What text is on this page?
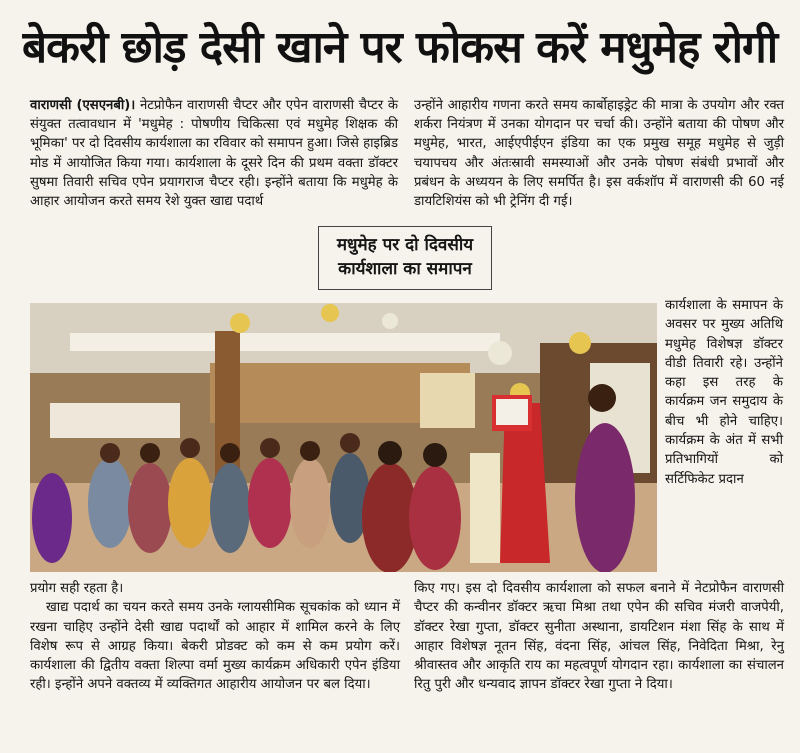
बेकरी छोड़ देसी खाने पर फोकस करें मधुमेह रोगी

वाराणसी (एसएनबी)। नेटप्रोफैन वाराणसी चैप्टर और एपेन वाराणसी चैप्टर के संयुक्त तत्वावधान में 'मधुमेह : पोषणीय चिकित्सा एवं मधुमेह शिक्षक की भूमिका' पर दो दिवसीय कार्यशाला का रविवार को समापन हुआ। जिसे हाइब्रिड मोड में आयोजित किया गया। कार्यशाला के दूसरे दिन की प्रथम वक्ता डॉक्टर सुषमा तिवारी सचिव एपेन प्रयागराज चैप्टर रही। इन्होंने बताया कि मधुमेह के आहार आयोजन करते समय रेशे युक्त खाद्य पदार्थ

उन्होंने आहारीय गणना करते समय कार्बोहाइड्रेट की मात्रा के उपयोग और रक्त शर्करा नियंत्रण में उनका योगदान पर चर्चा की। उन्होंने बताया की पोषण और मधुमेह, भारत, आईएपीईएन इंडिया का एक प्रमुख समूह मधुमेह से जुड़ी चयापचय और अंतःस्रावी समस्याओं और उनके पोषण संबंधी प्रभावों और प्रबंधन के अध्ययन के लिए समर्पित है। इस वर्कशॉप में वाराणसी की 60 नई डायटिशियंस को भी ट्रेनिंग दी गई।

मधुमेह पर दो दिवसीय
कार्यशाला का समापन

कार्यशाला के समापन के अवसर पर मुख्य अतिथि मधुमेह विशेषज्ञ डॉक्टर वीडी तिवारी रहे। उन्होंने कहा इस तरह के कार्यक्रम जन समुदाय के बीच भी होने चाहिए। कार्यक्रम के अंत में सभी प्रतिभागियों को सर्टिफिकेट प्रदान

प्रयोग सही रहता है।

खाद्य पदार्थ का चयन करते समय उनके ग्लायसीमिक सूचकांक को ध्यान में रखना चाहिए उन्होंने देसी खाद्य पदार्थों को आहार में शामिल करने के लिए विशेष रूप से आग्रह किया। बेकरी प्रोडक्ट को कम से कम प्रयोग करें। कार्यशाला की द्वितीय वक्ता शिल्पा वर्मा मुख्य कार्यक्रम अधिकारी एपेन इंडिया रही। इन्होंने अपने वक्तव्य में व्यक्तिगत आहारीय आयोजन पर बल दिया।

किए गए। इस दो दिवसीय कार्यशाला को सफल बनाने में नेटप्रोफैन वाराणसी चैप्टर की कन्वीनर डॉक्टर ऋचा मिश्रा तथा एपेन की सचिव मंजरी वाजपेयी, डॉक्टर रेखा गुप्ता, डॉक्टर सुनीता अस्थाना, डायटिशन मंशा सिंह के साथ में आहार विशेषज्ञ नूतन सिंह, वंदना सिंह, आंचल सिंह, निवेदिता मिश्रा, रेनु श्रीवास्तव और आकृति राय का महत्वपूर्ण योगदान रहा। कार्यशाला का संचालन रितु पुरी और धन्यवाद ज्ञापन डॉक्टर रेखा गुप्ता ने दिया।
